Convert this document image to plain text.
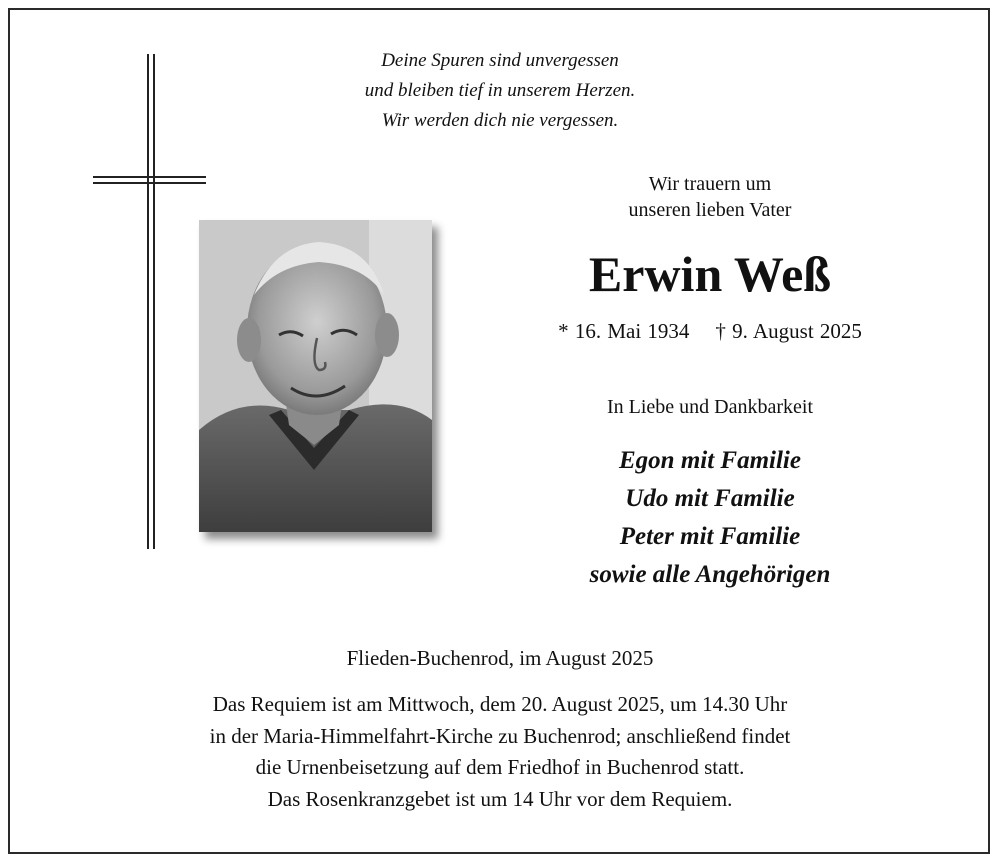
Deine Spuren sind unvergessen
und bleiben tief in unserem Herzen.
Wir werden dich nie vergessen.
Wir trauern um
unseren lieben Vater
Erwin Weß
* 16. Mai 1934 † 9. August 2025
In Liebe und Dankbarkeit
Egon mit Familie
Udo mit Familie
Peter mit Familie
sowie alle Angehörigen
Flieden-Buchenrod, im August 2025
Das Requiem ist am Mittwoch, dem 20. August 2025, um 14.30 Uhr
in der Maria-Himmelfahrt-Kirche zu Buchenrod; anschließend findet
die Urnenbeisetzung auf dem Friedhof in Buchenrod statt.
Das Rosenkranzgebet ist um 14 Uhr vor dem Requiem.
